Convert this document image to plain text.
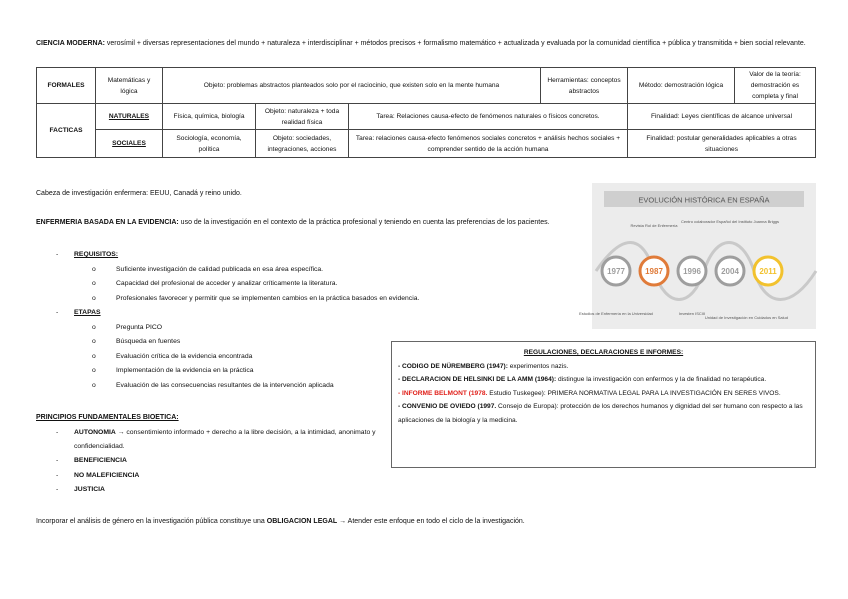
CIENCIA MODERNA: verosímil + diversas representaciones del mundo + naturaleza + interdisciplinar + métodos precisos + formalismo matemático + actualizada y evaluada por la comunidad científica + pública y transmitida + bien social relevante.
FORMALES	Matemáticas y lógica	Objeto: problemas abstractos planteados solo por el raciocinio, que existen solo en la mente humana			Herramientas: conceptos abstractos	Método: demostración lógica	Valor de la teoría: demostración es completa y final
FACTICAS	NATURALES	Física, química, biología	Objeto: naturaleza + toda realidad física	Tarea: Relaciones causa-efecto de fenómenos naturales o físicos concretos.		Finalidad: Leyes científicas de alcance universal	
	SOCIALES	Sociología, economía, política	Objeto: sociedades, integraciones, acciones	Tarea: relaciones causa-efecto fenómenos sociales concretos + análisis hechos sociales + comprender sentido de la acción humana		Finalidad: postular generalidades aplicables a otras situaciones	
Cabeza de investigación enfermera: EEUU, Canadá y reino unido.
ENFERMERIA BASADA EN LA EVIDENCIA: uso de la investigación en el contexto de la práctica profesional y teniendo en cuenta las preferencias de los pacientes.
- REQUISITOS:
o	Suficiente investigación de calidad publicada en esa área específica.
o	Capacidad del profesional de acceder y analizar críticamente la literatura.
o	Profesionales favorecer y permitir que se implementen cambios en la práctica basados en evidencia.
- ETAPAS
o	Pregunta PICO
o	Búsqueda en fuentes
o	Evaluación crítica de la evidencia encontrada
o	Implementación de la evidencia en la práctica
o	Evaluación de las consecuencias resultantes de la intervención aplicada
PRINCIPIOS FUNDAMENTALES BIOETICA:
-	AUTONOMIA → consentimiento informado + derecho a la libre decisión, a la intimidad, anonimato y confidencialidad.
- BENEFICIENCIA
- NO MALEFICIENCIA
- JUSTICIA
Incorporar el análisis de género en la investigación pública constituye una OBLIGACION LEGAL → Atender este enfoque en todo el ciclo de la investigación.
REGULACIONES, DECLARACIONES E INFORMES:
- CODIGO DE NÜREMBERG (1947): experimentos nazis.
- DECLARACION DE HELSINKI DE LA AMM (1964): distingue la investigación con enfermos y la de finalidad no terapéutica.
- INFORME BELMONT (1978. Estudio Tuskegee): PRIMERA NORMATIVA LEGAL PARA LA INVESTIGACIÓN EN SERES VIVOS.
- CONVENIO DE OVIEDO (1997. Consejo de Europa): protección de los derechos humanos y dignidad del ser humano con respecto a las aplicaciones de la biología y la medicina.
EVOLUCIÓN HISTÓRICA EN ESPAÑA
Revista Rol de Enfermería
Centro colaborador Español del Instituto Joanna Briggs
Estudios de Enfermería en la Universidad	Investen ISCIII
Unidad de Investigación en Cuidados en Salud
1977	1987	1996	2004	2011
